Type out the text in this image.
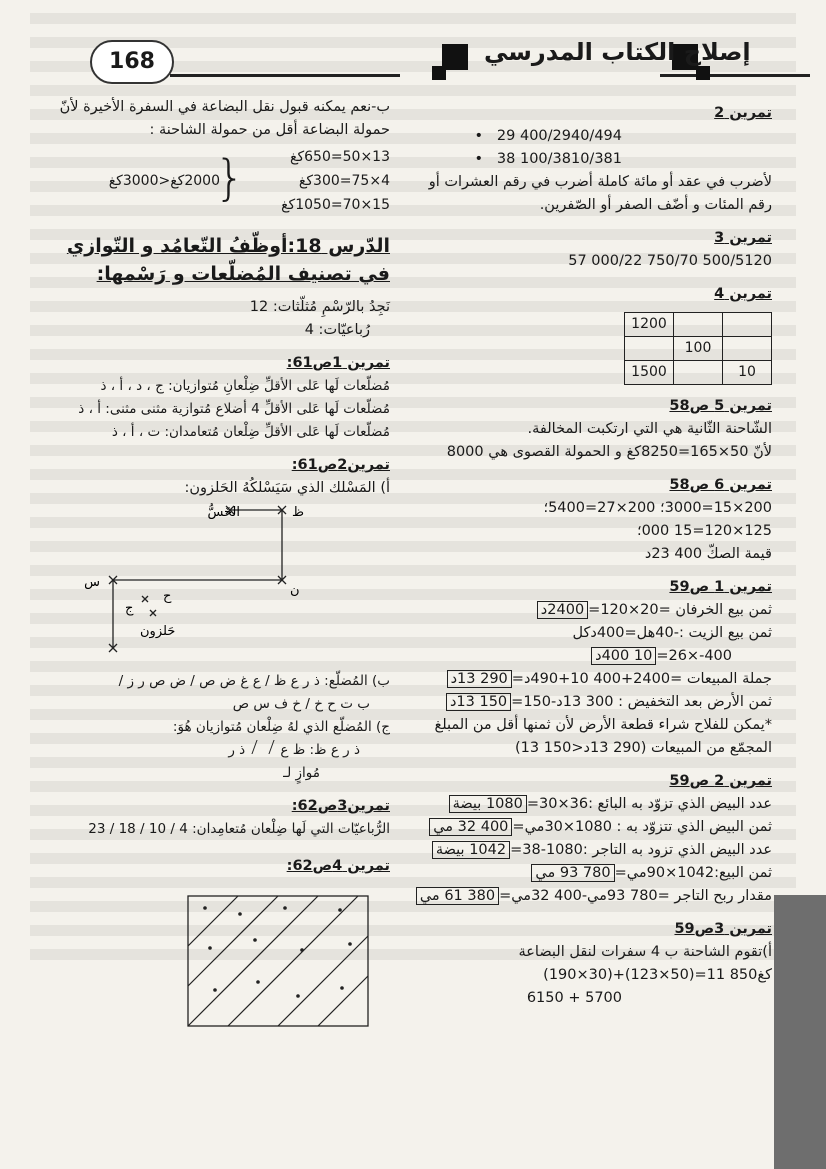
168	إصلاح الكتاب المدرسي

تمرين 2

•   29 400/2940/494

•   38 100/3810/381

لأضرب في عقد أو مائة كاملة أضرب في رقم العشرات أو رقم المئات و أضّف الصفر أو الصّفرين.

تمرين 3

57 000/22 750/70 500/5120

تمرين 4

1200		
	100	
1500		10

تمرين 5 ص58

الشّاحنة الثّانية هي التي ارتكبت المخالفة.

لأنّ 50×165=8250كغ و الحمولة القصوى هي 8000

تمرين 6 ص58

200×15=3000؛ 200×27=5400؛

125×120=15 000؛

قيمة الصكّ 400 23د

تمرين 1 ص59

ثمن بيع الخرفان =20×120=2400د

ثمن بيع الزيت :-40هل=400دكل

400-×26=10 400د

جملة المبيعات =2400+400 10+490د=290 13د

ثمن الأرض بعد التخفيض : 300 13د-150=150 13د

*يمكن للفلاح شراء قطعة الأرض لأن ثمنها أقل من المبلغ المجمّع من المبيعات (290 13د<150 13)

تمرين 2 ص59

عدد البيض الذي تزوّد به البائع :36×30=1080 بيضة

ثمن البيض الذي تتزوّد به : 1080×30مي=400 32 مي

عدد البيض الذي تزود به التاجر :1080-38=1042 بيضة

ثمن البيع:1042×90مي=780 93 مي

مقدار ربح التاجر =780 93مي-400 32مي=380 61 مي

تمرين 3ص59

أ)تقوم الشاحنة ب 4 سفرات لنقل البضاعة

(190×30)+(123×50)=11 850كغ

6150 + 5700

ب-نعم يمكنه قبول نقل البضاعة في السفرة الأخيرة لأنّ حمولة البضاعة أقل من حمولة الشاحنة :

13×50=650كغ
4×75=300كغ
15×70=1050كغ
{
2000كغ<3000كغ

الدّرس 18:أوظّفُ التّعامُد و التّوازي في تصنيف المُضلّعات و رَسْمها:

نَجِدُ بالرّسْمِ مُثلّثات: 12

رُباعيّات: 4

تمرين 1ص61:

مُضلّعات لَها عَلى الأقلِّ ضِلْعانِ مُتوازيان: ج ، د ، أ ، ذ

مُضلّعات لَها عَلى الأقلِّ 4 أضلاع مُتوازية مثنى مثنى: أ ، ذ

مُضلّعات لَها عَلى الأقلِّ ضِلْعان مُتعامدان: ت ، أ ، ذ

تمرين2ص61:

أ) المَسْلك الذي سَيَسْلكُهُ الحَلزون:

الخَسُّ	ظ
س
ن
ج
ح
حَلزون

ب) المُضلّع: ذ ر ع ظ / ع غ ض ص / ض ص ر ز /

ب ت ح خ / خ ف س ص

ج) المُضلّع الذي لهُ ضِلْعان مُتوازيان هُوَ:

ذ ر ع ظ: ظ ع    ذ ر

مُوازٍ لـ

تمرين3ص62:

الرُّباعيّات التي لَها ضِلْعان مُتعامِدان: 4 / 10 / 18 / 23

تمرين 4ص62:
